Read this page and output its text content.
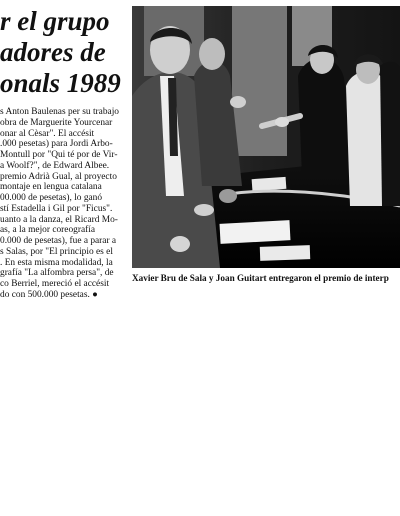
r el grupo
adores de
onals 1989
s Anton Baulenas per su trabajo
obra de Marguerite Yourcenar
onar al Cèsar". El accésit
.000 pesetas) para Jordi Arbo-
Montull por "Qui té por de Vir-
a Woolf?", de Edward Albee.
premio Adrià Gual, al proyecto
montaje en lengua catalana
00.000 de pesetas), lo ganó
stí Estadella i Gil por "Ficus".
uanto a la danza, el Ricard Mo-
as, a la mejor coreografía
0.000 de pesetas), fue a parar a
s Salas, por "El principio es el
. En esta misma modalidad, la
grafía "La alfombra persa", de
co Berriel, mereció el accésit
do con 500.000 pesetas. ●
Xavier Bru de Sala y Joan Guitart entregaron el premio de interp
